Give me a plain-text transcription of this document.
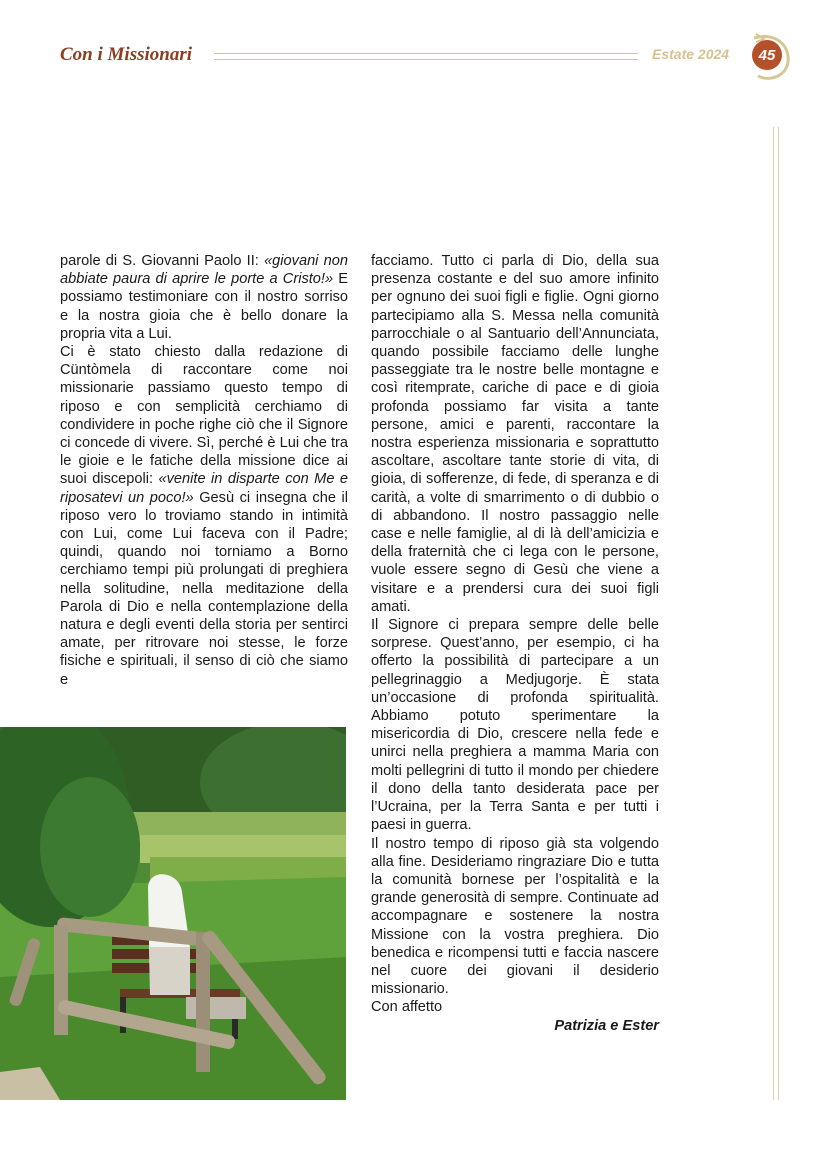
Con i Missionari	Estate 2024	45

parole di S. Giovanni Paolo II: «giovani non abbiate paura di aprire le porte a Cristo!» E possiamo testimoniare con il nostro sorriso e la nostra gioia che è bello donare la propria vita a Lui.

Ci è stato chiesto dalla redazione di Cüntòmela di raccontare come noi missionarie passiamo questo tempo di riposo e con semplicità cerchiamo di condividere in poche righe ciò che il Signore ci concede di vivere. Sì, perché è Lui che tra le gioie e le fatiche della missione dice ai suoi discepoli: «venite in disparte con Me e riposatevi un poco!» Gesù ci insegna che il riposo vero lo troviamo stando in intimità con Lui, come Lui faceva con il Padre; quindi, quando noi torniamo a Borno cerchiamo tempi più prolungati di preghiera nella solitudine, nella meditazione della Parola di Dio e nella contemplazione della natura e degli eventi della storia per sentirci amate, per ritrovare noi stesse, le forze fisiche e spirituali, il senso di ciò che siamo e

facciamo. Tutto ci parla di Dio, della sua presenza costante e del suo amore infinito per ognuno dei suoi figli e figlie. Ogni giorno partecipiamo alla S. Messa nella comunità parrocchiale o al Santuario dell’Annunciata, quando possibile facciamo delle lunghe passeggiate tra le nostre belle montagne e così ritemprate, cariche di pace e di gioia profonda possiamo far visita a tante persone, amici e parenti, raccontare la nostra esperienza missionaria e soprattutto ascoltare, ascoltare tante storie di vita, di gioia, di sofferenze, di fede, di speranza e di carità, a volte di smarrimento o di dubbio o di abbandono. Il nostro passaggio nelle case e nelle famiglie, al di là dell’amicizia e della fraternità che ci lega con le persone, vuole essere segno di Gesù che viene a visitare e a prendersi cura dei suoi figli amati.

Il Signore ci prepara sempre delle belle sorprese. Quest’anno, per esempio, ci ha offerto la possibilità di partecipare a un pellegrinaggio a Medjugorje. È stata un’occasione di profonda spiritualità. Abbiamo potuto sperimentare la misericordia di Dio, crescere nella fede e unirci nella preghiera a mamma Maria con molti pellegrini di tutto il mondo per chiedere il dono della tanto desiderata pace per l’Ucraina, per la Terra Santa e per tutti i paesi in guerra.

Il nostro tempo di riposo già sta volgendo alla fine. Desideriamo ringraziare Dio e tutta la comunità bornese per l’ospitalità e la grande generosità di sempre. Continuate ad accompagnare e sostenere la nostra Missione con la vostra preghiera. Dio benedica e ricompensi tutti e faccia nascere nel cuore dei giovani il desiderio missionario.

Con affetto

Patrizia e Ester
